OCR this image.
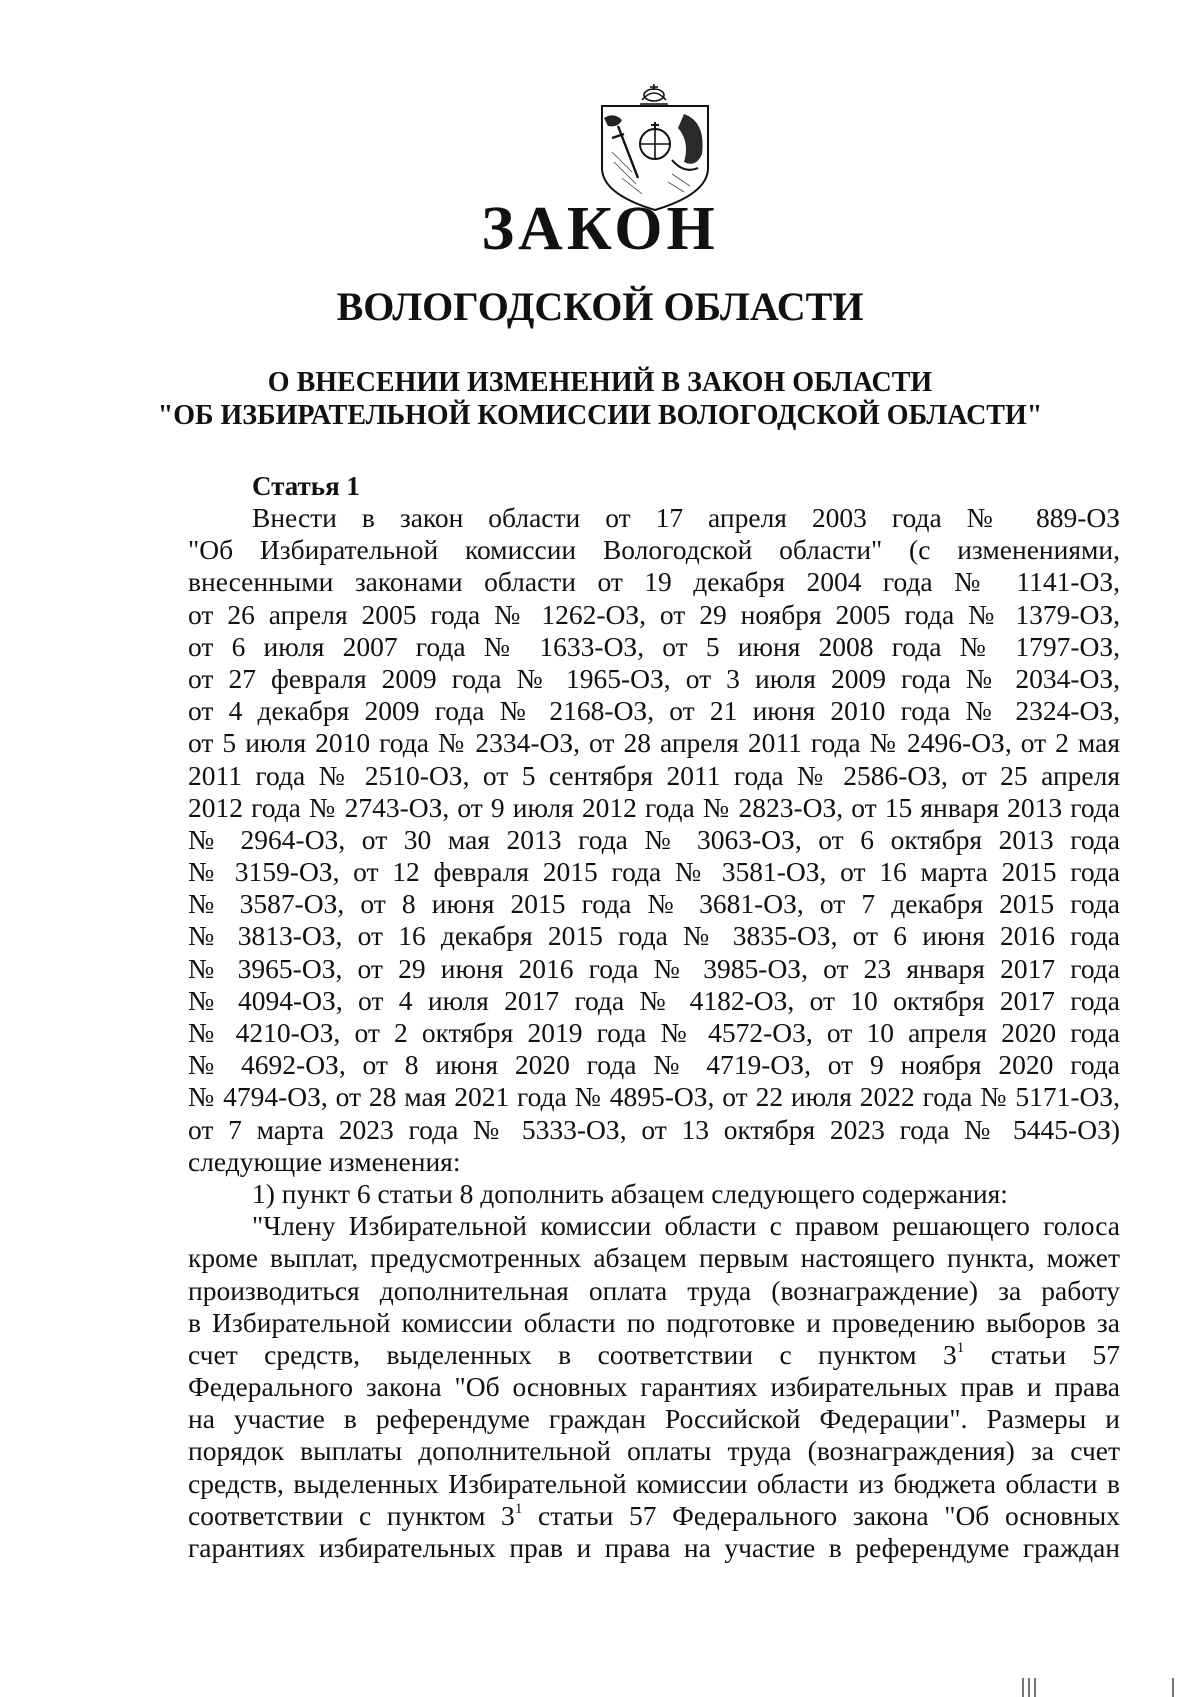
ЗАКОН
ВОЛОГОДСКОЙ ОБЛАСТИ
О ВНЕСЕНИИ ИЗМЕНЕНИЙ В ЗАКОН ОБЛАСТИ
"ОБ ИЗБИРАТЕЛЬНОЙ КОМИССИИ ВОЛОГОДСКОЙ ОБЛАСТИ"
Статья 1
Внести в закон области от 17 апреля 2003 года № 889-ОЗ
"Об Избирательной комиссии Вологодской области" (с изменениями,
внесенными законами области от 19 декабря 2004 года № 1141-ОЗ,
от 26 апреля 2005 года № 1262-ОЗ, от 29 ноября 2005 года № 1379-ОЗ,
от 6 июля 2007 года № 1633-ОЗ, от 5 июня 2008 года № 1797-ОЗ,
от 27 февраля 2009 года № 1965-ОЗ, от 3 июля 2009 года № 2034-ОЗ,
от 4 декабря 2009 года № 2168-ОЗ, от 21 июня 2010 года № 2324-ОЗ,
от 5 июля 2010 года № 2334-ОЗ, от 28 апреля 2011 года № 2496-ОЗ, от 2 мая
2011 года № 2510-ОЗ, от 5 сентября 2011 года № 2586-ОЗ, от 25 апреля
2012 года № 2743-ОЗ, от 9 июля 2012 года № 2823-ОЗ, от 15 января 2013 года
№ 2964-ОЗ, от 30 мая 2013 года № 3063-ОЗ, от 6 октября 2013 года
№ 3159-ОЗ, от 12 февраля 2015 года № 3581-ОЗ, от 16 марта 2015 года
№ 3587-ОЗ, от 8 июня 2015 года № 3681-ОЗ, от 7 декабря 2015 года
№ 3813-ОЗ, от 16 декабря 2015 года № 3835-ОЗ, от 6 июня 2016 года
№ 3965-ОЗ, от 29 июня 2016 года № 3985-ОЗ, от 23 января 2017 года
№ 4094-ОЗ, от 4 июля 2017 года № 4182-ОЗ, от 10 октября 2017 года
№ 4210-ОЗ, от 2 октября 2019 года № 4572-ОЗ, от 10 апреля 2020 года
№ 4692-ОЗ, от 8 июня 2020 года № 4719-ОЗ, от 9 ноября 2020 года
№ 4794-ОЗ, от 28 мая 2021 года № 4895-ОЗ, от 22 июля 2022 года № 5171-ОЗ,
от 7 марта 2023 года № 5333-ОЗ, от 13 октября 2023 года № 5445-ОЗ)
следующие изменения:
1) пункт 6 статьи 8 дополнить абзацем следующего содержания:
"Члену Избирательной комиссии области с правом решающего голоса
кроме выплат, предусмотренных абзацем первым настоящего пункта, может
производиться дополнительная оплата труда (вознаграждение) за работу
в Избирательной комиссии области по подготовке и проведению выборов за
счет средств, выделенных в соответствии с пунктом $3^1$ статьи 57
Федерального закона "Об основных гарантиях избирательных прав и права
на участие в референдуме граждан Российской Федерации". Размеры и
порядок выплаты дополнительной оплаты труда (вознаграждения) за счет
средств, выделенных Избирательной комиссии области из бюджета области в
соответствии с пунктом $3^1$ статьи 57 Федерального закона "Об основных
гарантиях избирательных прав и права на участие в референдуме граждан
